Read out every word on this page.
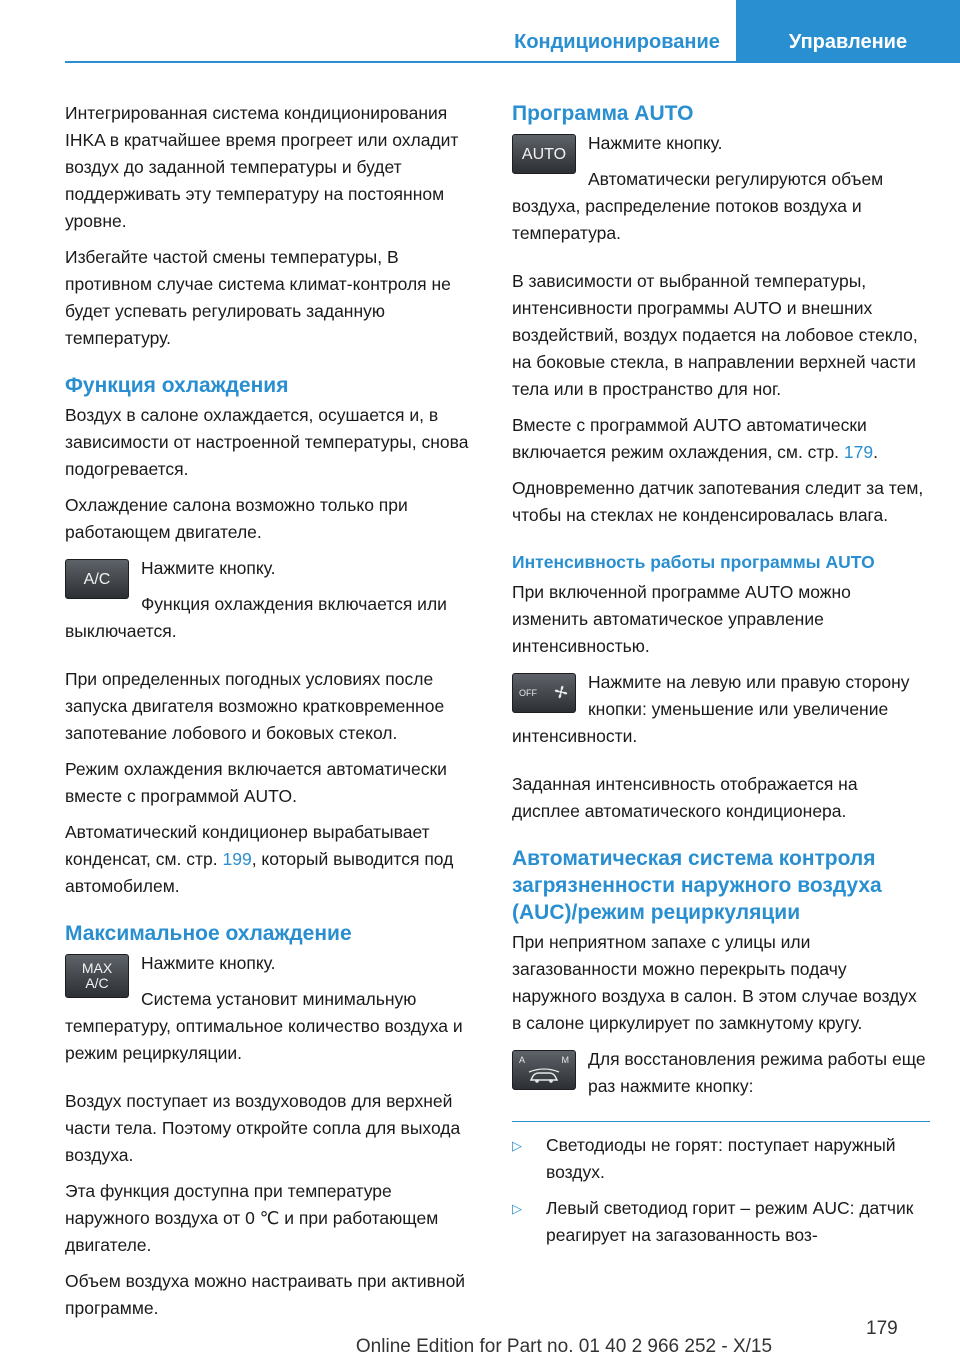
Кондиционирование	Управление

Интегрированная система кондиционирования IHKA в кратчайшее время прогреет или охладит воздух до заданной температуры и будет поддерживать эту температуру на постоянном уровне.

Избегайте частой смены температуры, В противном случае система климат-контроля не будет успевать регулировать заданную температуру.

Функция охлаждения

Воздух в салоне охлаждается, осушается и, в зависимости от настроенной температуры, снова подогревается.

Охлаждение салона возможно только при работающем двигателе.

A/C

Нажмите кнопку.

Функция охлаждения включается или выключается.

При определенных погодных условиях после запуска двигателя возможно кратковременное запотевание лобового и боковых стекол.

Режим охлаждения включается автоматически вместе с программой AUTO.

Автоматический кондиционер вырабатывает конденсат, см. стр. 199, который выводится под автомобилем.

Максимальное охлаждение
MAX
A/C

Нажмите кнопку.

Система установит минимальную температуру, оптимальное количество воздуха и режим рециркуляции.

Воздух поступает из воздуховодов для верхней части тела. Поэтому откройте сопла для выхода воздуха.

Эта функция доступна при температуре наружного воздуха от 0 ℃ и при работающем двигателе.

Объем воздуха можно настраивать при активной программе.

Программа AUTO
AUTO

Нажмите кнопку.

Автоматически регулируются объем воздуха, распределение потоков воздуха и температура.

В зависимости от выбранной температуры, интенсивности программы AUTO и внешних воздействий, воздух подается на лобовое стекло, на боковые стекла, в направлении верхней части тела или в пространство для ног.

Вместе с программой AUTO автоматически включается режим охлаждения, см. стр. 179.

Одновременно датчик запотевания следит за тем, чтобы на стеклах не конденсировалась влага.

Интенсивность работы программы AUTO

При включенной программе AUTO можно изменить автоматическое управление интенсивностью.

OFF

Нажмите на левую или правую сторону кнопки: уменьшение или увеличение интенсивности.

Заданная интенсивность отображается на дисплее автоматического кондиционера.

Автоматическая система контроля загрязненности наружного воздуха (AUC)/режим рециркуляции

При неприятном запахе с улицы или загазованности можно перекрыть подачу наружного воздуха в салон. В этом случае воздух в салоне циркулирует по замкнутому кругу.

A	M	Для восстановления режима работы еще раз нажмите кнопку:

▷ Светодиоды не горят: поступает наружный воздух.
▷ Левый светодиод горит – режим AUC: датчик реагирует на загазованность воз-
179
Online Edition for Part no. 01 40 2 966 252 - X/15
